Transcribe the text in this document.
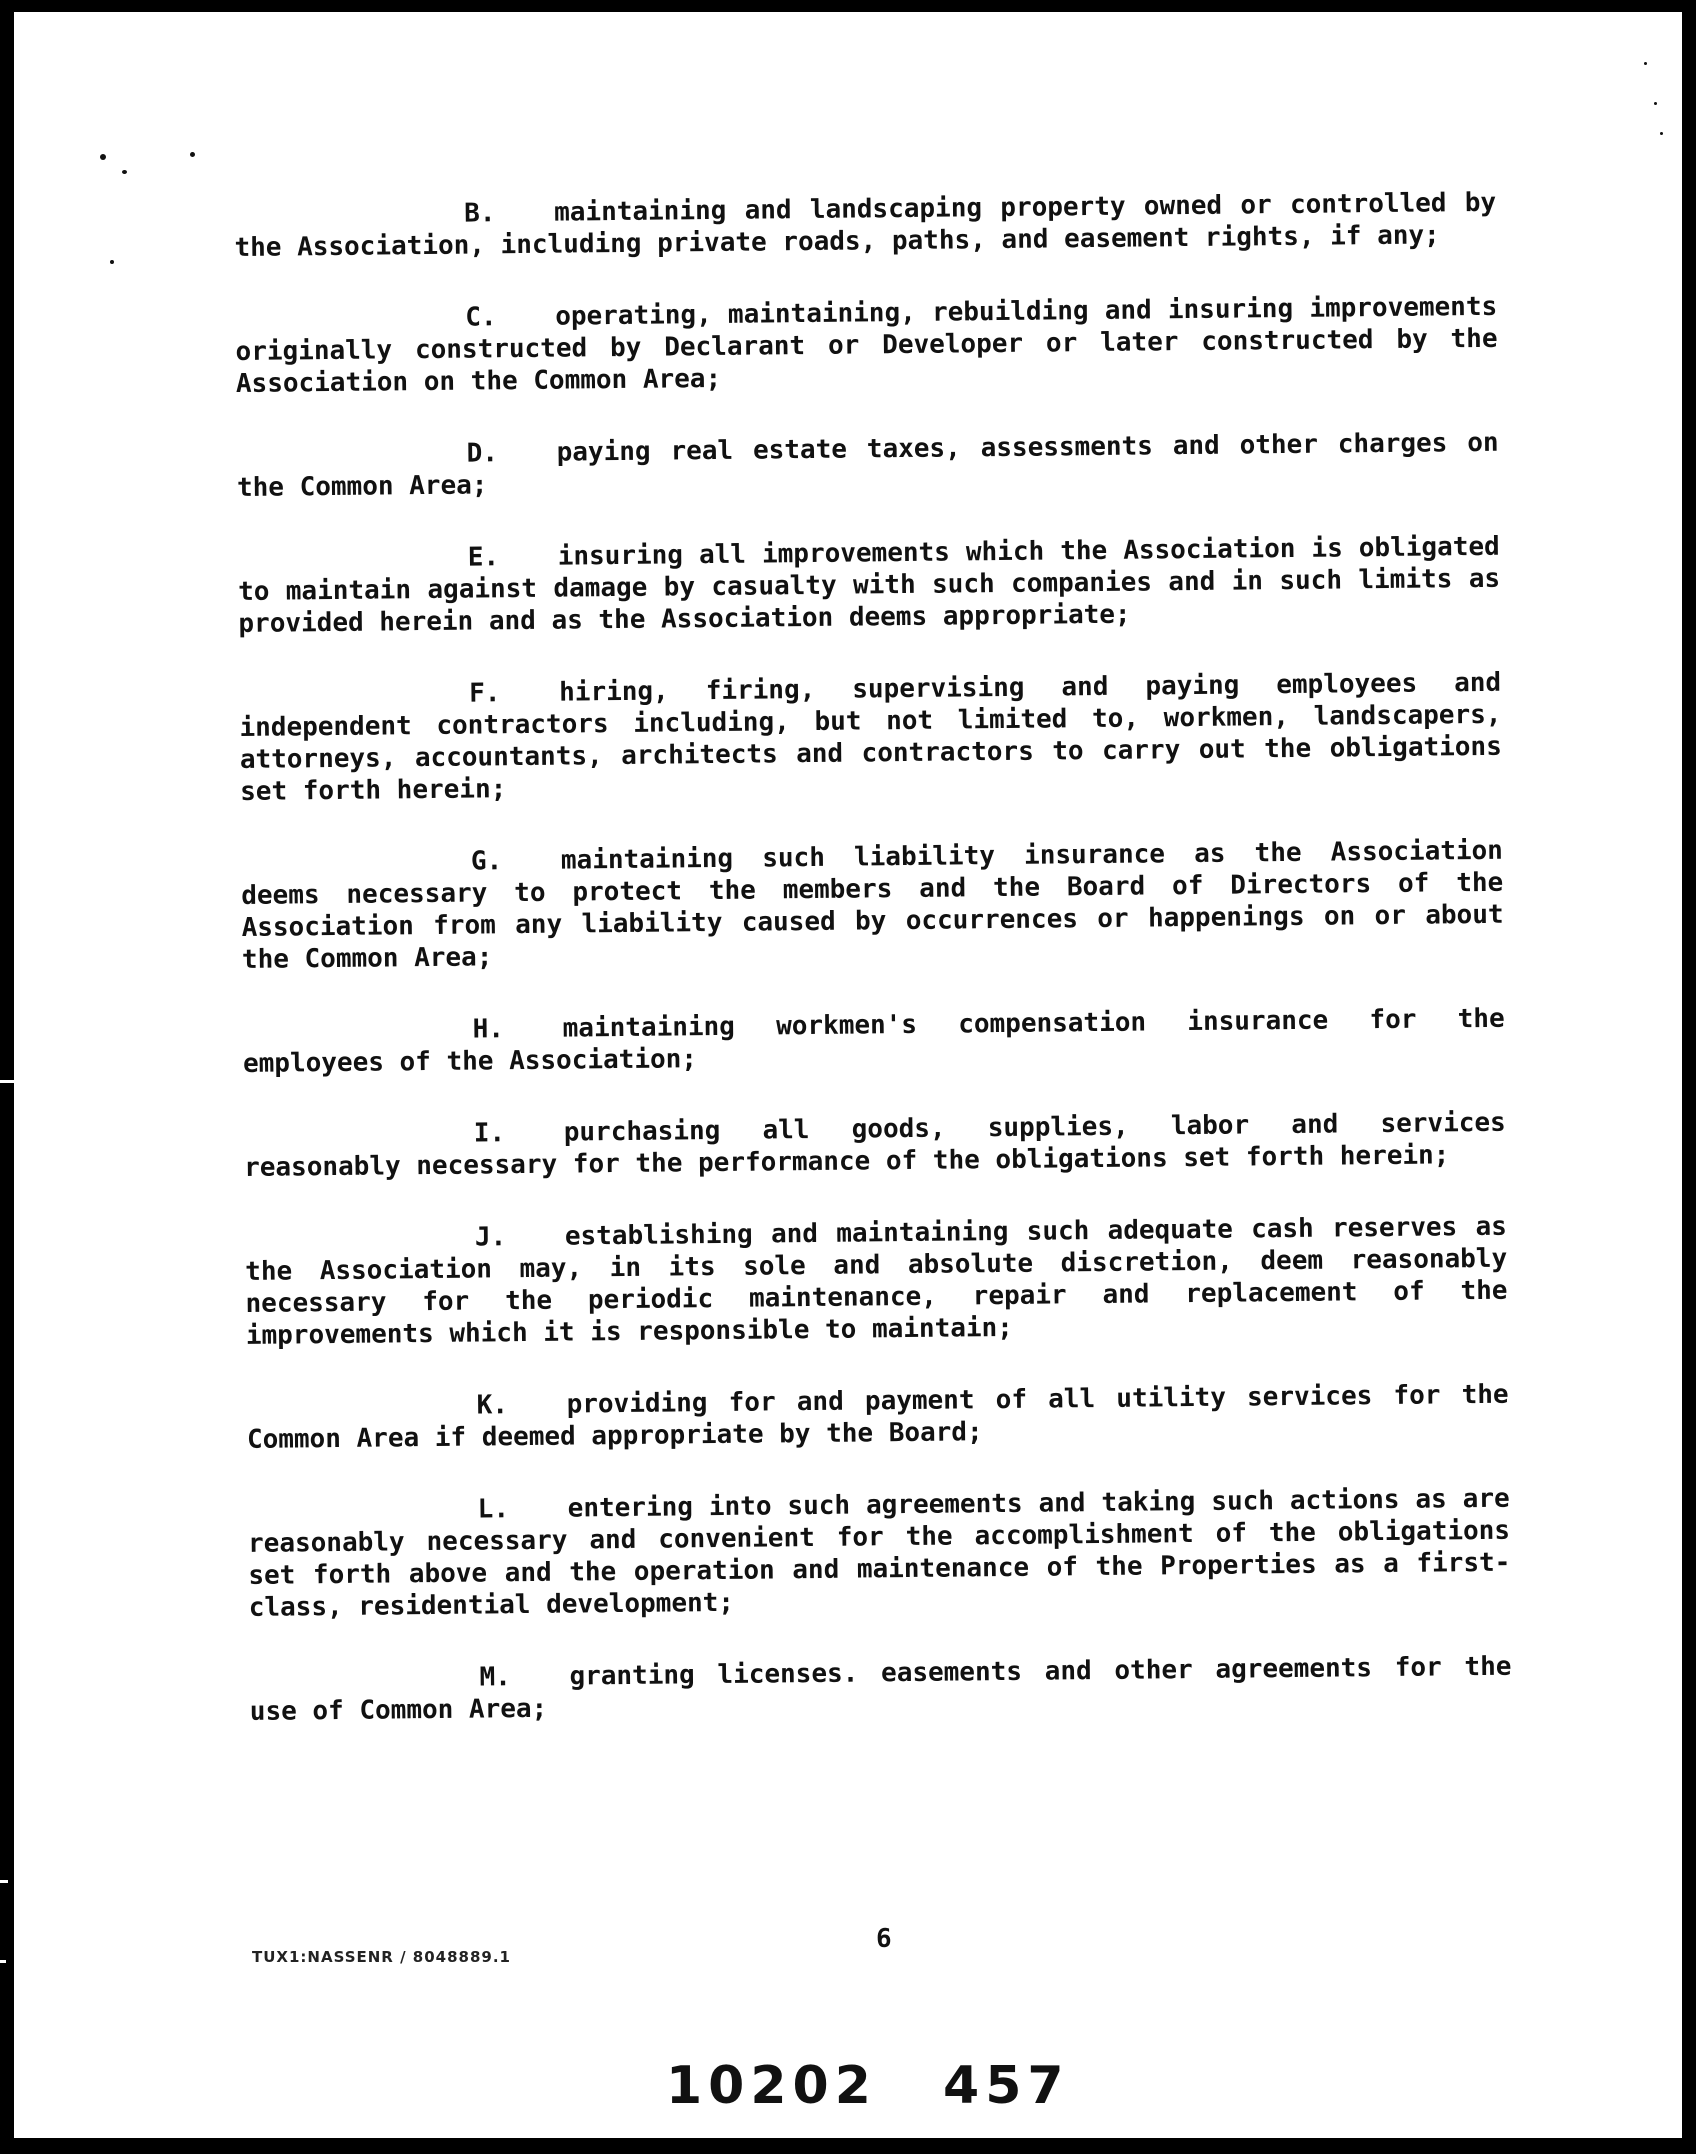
B. maintaining and landscaping property owned or controlled by the Association, including private roads, paths, and easement rights, if any;

C. operating, maintaining, rebuilding and insuring improvements originally constructed by Declarant or Developer or later constructed by the Association on the Common Area;

D. paying real estate taxes, assessments and other charges on the Common Area;

E. insuring all improvements which the Association is obligated to maintain against damage by casualty with such companies and in such limits as provided herein and as the Association deems appropriate;

F. hiring, firing, supervising and paying employees and independent contractors including, but not limited to, workmen, landscapers, attorneys, accountants, architects and contractors to carry out the obligations set forth herein;

G. maintaining such liability insurance as the Association deems necessary to protect the members and the Board of Directors of the Association from any liability caused by occurrences or happenings on or about the Common Area;

H. maintaining workmen's compensation insurance for the employees of the Association;

I. purchasing all goods, supplies, labor and services reasonably necessary for the performance of the obligations set forth herein;

J. establishing and maintaining such adequate cash reserves as the Association may, in its sole and absolute discretion, deem reasonably necessary for the periodic maintenance, repair and replacement of the improvements which it is responsible to maintain;

K. providing for and payment of all utility services for the Common Area if deemed appropriate by the Board;

L. entering into such agreements and taking such actions as are reasonably necessary and convenient for the accomplishment of the obligations set forth above and the operation and maintenance of the Properties as a first-class, residential development;

M. granting licenses. easements and other agreements for the use of Common Area;

6
TUX1:NASSENR / 8048889.1
10202 457
